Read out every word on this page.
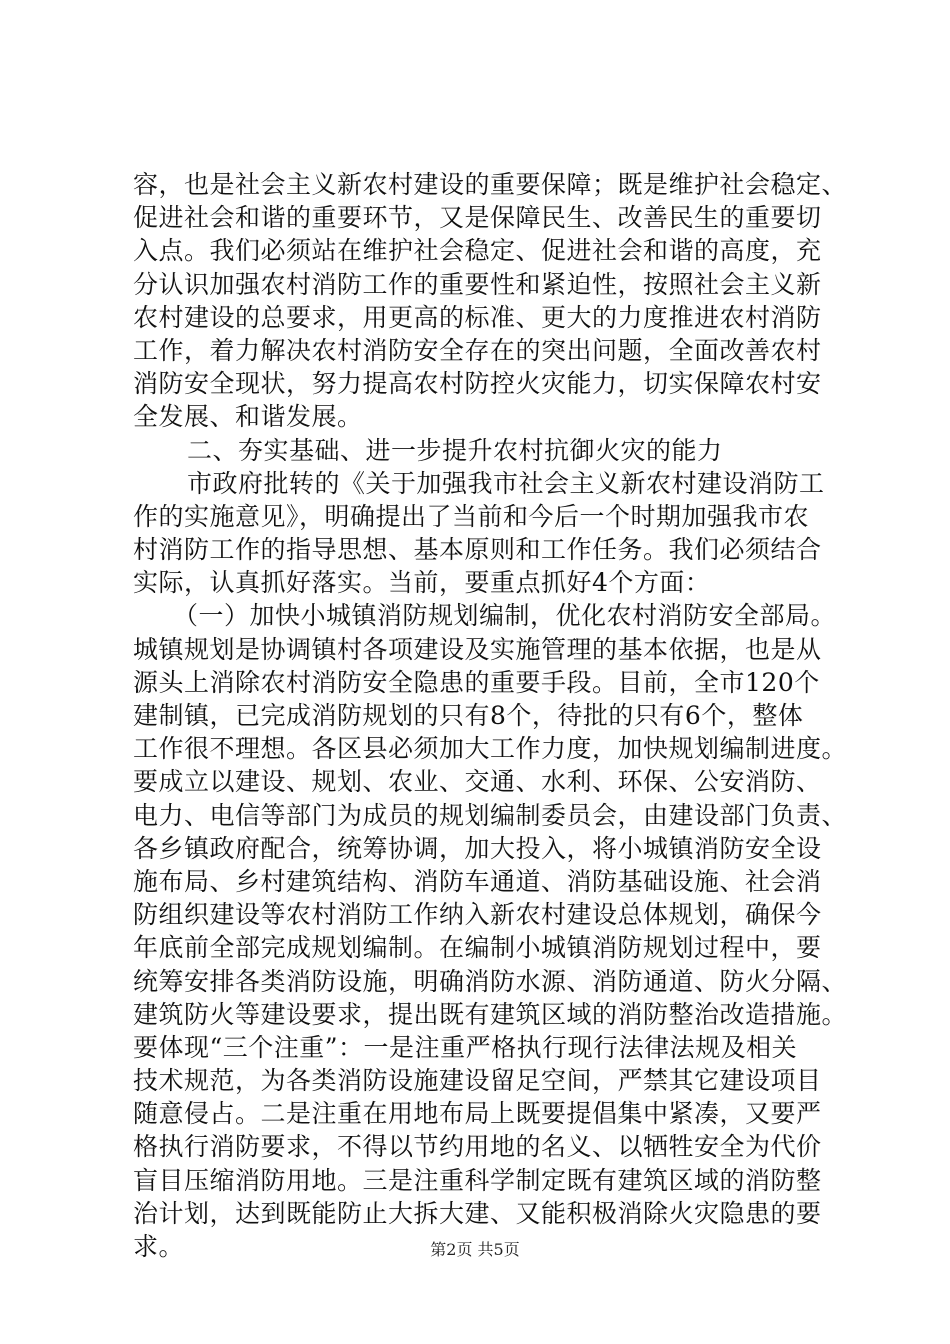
容，也是社会主义新农村建设的重要保障；既是维护社会稳定、
促进社会和谐的重要环节，又是保障民生、改善民生的重要切
入点。我们必须站在维护社会稳定、促进社会和谐的高度，充
分认识加强农村消防工作的重要性和紧迫性，按照社会主义新
农村建设的总要求，用更高的标准、更大的力度推进农村消防
工作，着力解决农村消防安全存在的突出问题，全面改善农村
消防安全现状，努力提高农村防控火灾能力，切实保障农村安
全发展、和谐发展。
二、夯实基础、进一步提升农村抗御火灾的能力
市政府批转的《关于加强我市社会主义新农村建设消防工
作的实施意见》，明确提出了当前和今后一个时期加强我市农
村消防工作的指导思想、基本原则和工作任务。我们必须结合
实际，认真抓好落实。当前，要重点抓好4个方面：
（一）加快小城镇消防规划编制，优化农村消防安全部局。
城镇规划是协调镇村各项建设及实施管理的基本依据，也是从
源头上消除农村消防安全隐患的重要手段。目前，全市120个
建制镇，已完成消防规划的只有8个，待批的只有6个，整体
工作很不理想。各区县必须加大工作力度，加快规划编制进度。
要成立以建设、规划、农业、交通、水利、环保、公安消防、
电力、电信等部门为成员的规划编制委员会，由建设部门负责、
各乡镇政府配合，统筹协调，加大投入，将小城镇消防安全设
施布局、乡村建筑结构、消防车通道、消防基础设施、社会消
防组织建设等农村消防工作纳入新农村建设总体规划，确保今
年底前全部完成规划编制。在编制小城镇消防规划过程中，要
统筹安排各类消防设施，明确消防水源、消防通道、防火分隔、
建筑防火等建设要求，提出既有建筑区域的消防整治改造措施。
要体现“三个注重”：一是注重严格执行现行法律法规及相关
技术规范，为各类消防设施建设留足空间，严禁其它建设项目
随意侵占。二是注重在用地布局上既要提倡集中紧凑，又要严
格执行消防要求，不得以节约用地的名义、以牺牲安全为代价
盲目压缩消防用地。三是注重科学制定既有建筑区域的消防整
治计划，达到既能防止大拆大建、又能积极消除火灾隐患的要
求。	第2页 共5页
